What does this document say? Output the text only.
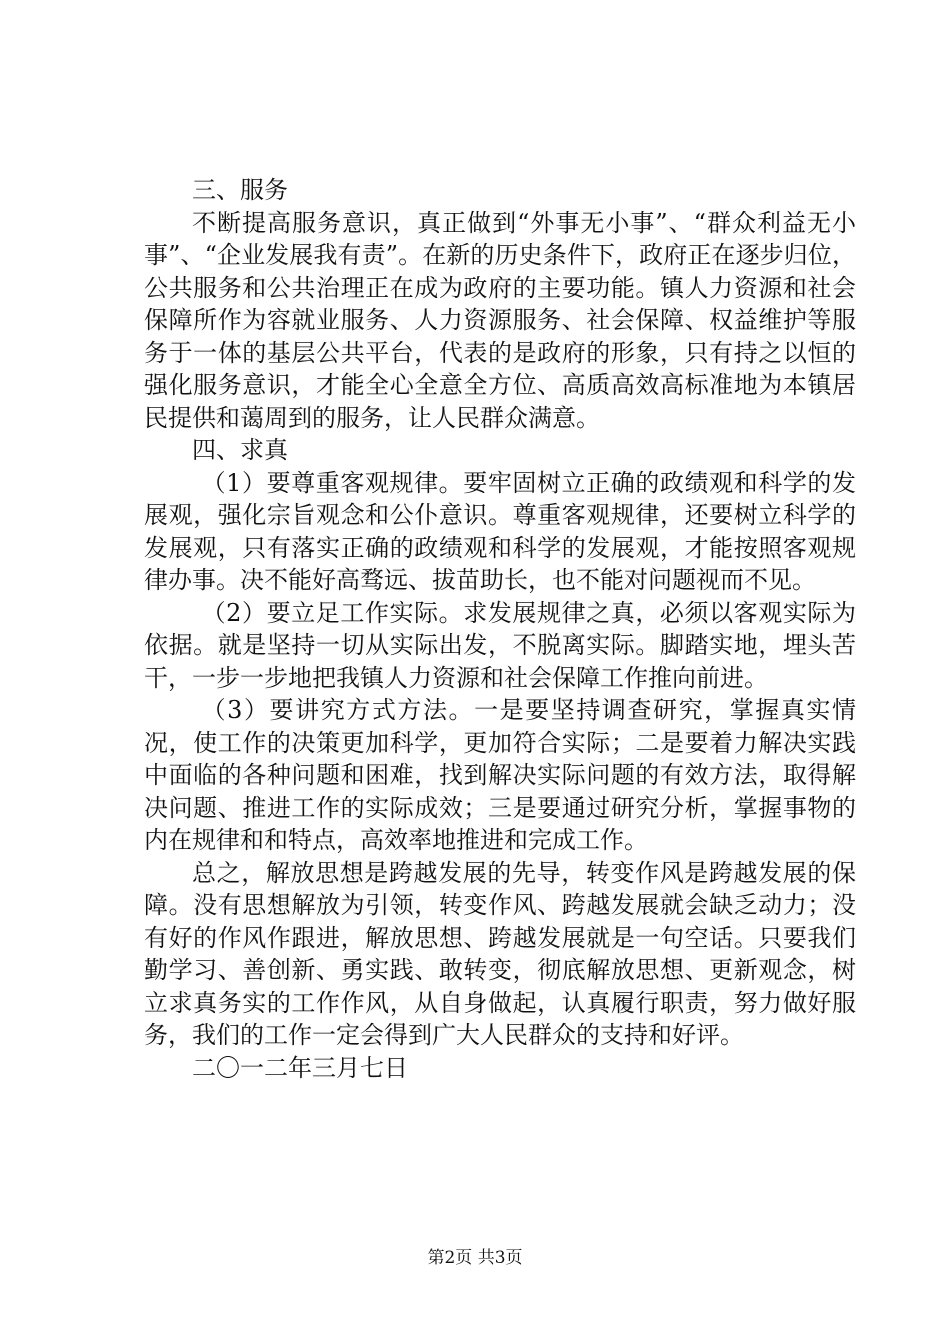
三、服务

不断提高服务意识，真正做到“外事无小事”、“群众利益无小事”、“企业发展我有责”。在新的历史条件下，政府正在逐步归位，公共服务和公共治理正在成为政府的主要功能。镇人力资源和社会保障所作为容就业服务、人力资源服务、社会保障、权益维护等服务于一体的基层公共平台，代表的是政府的形象，只有持之以恒的强化服务意识，才能全心全意全方位、高质高效高标准地为本镇居民提供和蔼周到的服务，让人民群众满意。

四、求真

（1）要尊重客观规律。要牢固树立正确的政绩观和科学的发展观，强化宗旨观念和公仆意识。尊重客观规律，还要树立科学的发展观，只有落实正确的政绩观和科学的发展观，才能按照客观规律办事。决不能好高骛远、拔苗助长，也不能对问题视而不见。

（2）要立足工作实际。求发展规律之真，必须以客观实际为依据。就是坚持一切从实际出发，不脱离实际。脚踏实地，埋头苦干，一步一步地把我镇人力资源和社会保障工作推向前进。

（3）要讲究方式方法。一是要坚持调查研究，掌握真实情况，使工作的决策更加科学，更加符合实际；二是要着力解决实践中面临的各种问题和困难，找到解决实际问题的有效方法，取得解决问题、推进工作的实际成效；三是要通过研究分析，掌握事物的内在规律和和特点，高效率地推进和完成工作。

总之，解放思想是跨越发展的先导，转变作风是跨越发展的保障。没有思想解放为引领，转变作风、跨越发展就会缺乏动力；没有好的作风作跟进，解放思想、跨越发展就是一句空话。只要我们勤学习、善创新、勇实践、敢转变，彻底解放思想、更新观念，树立求真务实的工作作风，从自身做起，认真履行职责，努力做好服务，我们的工作一定会得到广大人民群众的支持和好评。

二〇一二年三月七日

第2页 共3页
